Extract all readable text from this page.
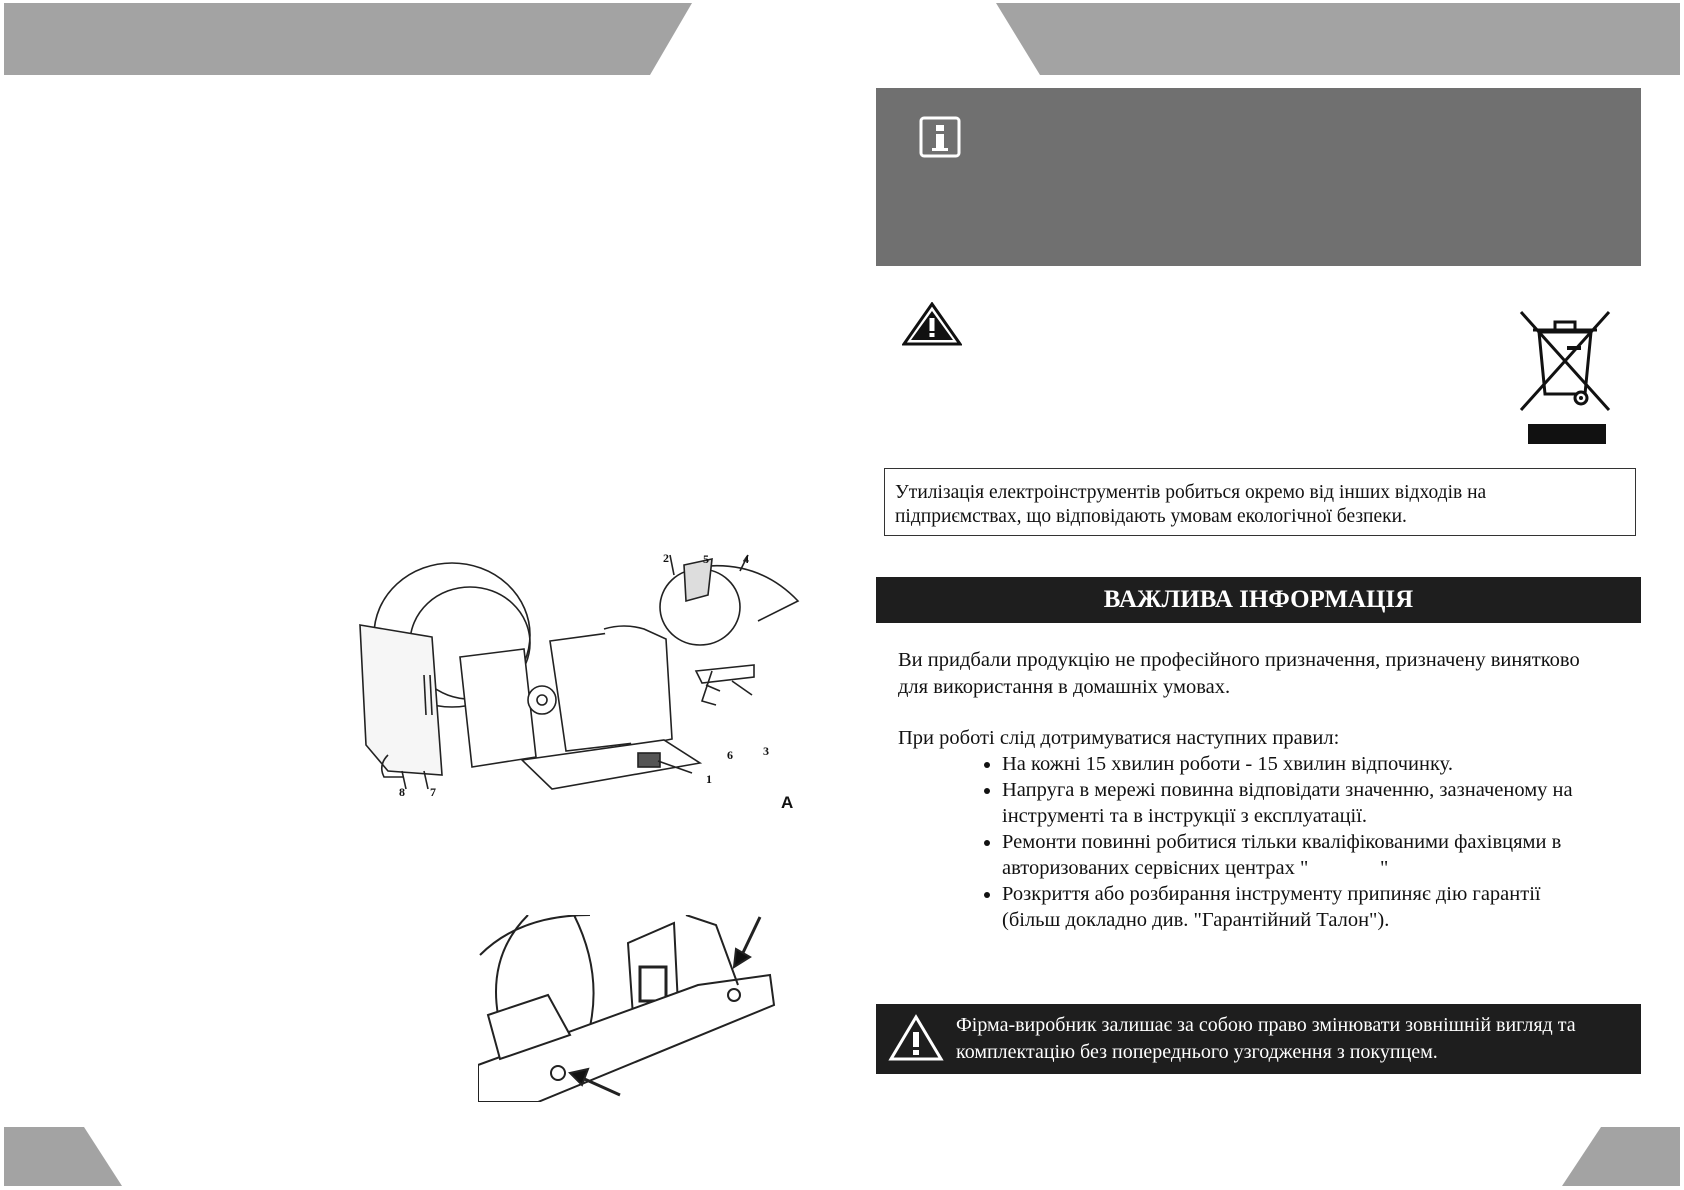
2	5	4
1
6	3
8 7
A
Утилізація електроінструментів робиться окремо від інших відходів на
підприємствах, що відповідають умовам екологічної безпеки.
ВАЖЛИВА ІНФОРМАЦІЯ
Ви придбали продукцію не професійного призначення, призначену винятково
для використання в домашніх умовах.
При роботі слід дотримуватися наступних правил:
• На кожні 15 хвилин роботи - 15 хвилин відпочинку.
• Напруга в мережі повинна відповідати значенню, зазначеному на
інструменті та в інструкції з експлуатації.
• Ремонти повинні робитися тільки кваліфікованими фахівцями в
авторизованих сервісних центрах "              "
• Розкриття або розбирання інструменту припиняє дію гарантії
(більш докладно див. "Гарантійний Талон").
Фірма-виробник залишає за собою право змінювати зовнішній вигляд та
комплектацію без попереднього узгодження з покупцем.
